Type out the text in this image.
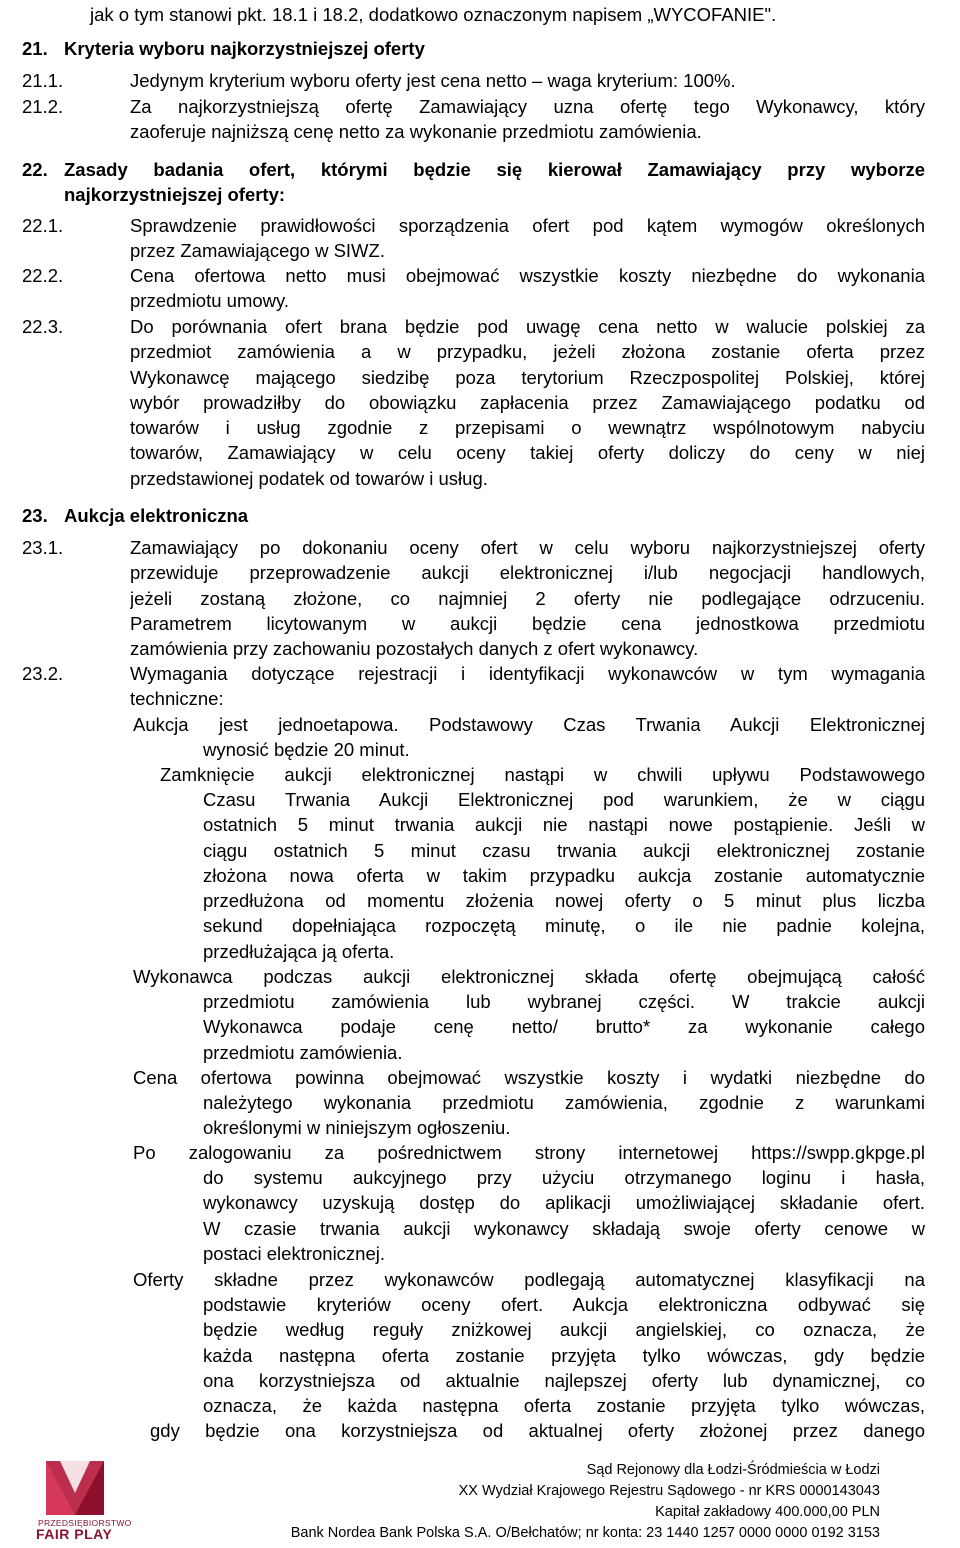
jak o tym stanowi pkt. 18.1 i 18.2, dodatkowo oznaczonym napisem „WYCOFANIE".
21. Kryteria wyboru najkorzystniejszej oferty
21.1.	Jedynym kryterium wyboru oferty jest cena netto – waga kryterium: 100%.
21.2.	Za najkorzystniejszą ofertę Zamawiający uzna ofertę tego Wykonawcy, który
zaoferuje najniższą cenę netto za wykonanie przedmiotu zamówienia.
22. Zasady badania ofert, którymi będzie się kierował Zamawiający przy wyborze
najkorzystniejszej oferty:
22.1.	Sprawdzenie prawidłowości sporządzenia ofert pod kątem wymogów określonych
przez Zamawiającego w SIWZ.
22.2.	Cena ofertowa netto musi obejmować wszystkie koszty niezbędne do wykonania
przedmiotu umowy.
22.3.	Do porównania ofert brana będzie pod uwagę cena netto w walucie polskiej za
przedmiot zamówienia a w przypadku, jeżeli złożona zostanie oferta przez
Wykonawcę mającego siedzibę poza terytorium Rzeczpospolitej Polskiej, której
wybór prowadziłby do obowiązku zapłacenia przez Zamawiającego podatku od
towarów i usług zgodnie z przepisami o wewnątrz wspólnotowym nabyciu
towarów, Zamawiający w celu oceny takiej oferty doliczy do ceny w niej
przedstawionej podatek od towarów i usług.
23. Aukcja elektroniczna
23.1.	Zamawiający po dokonaniu oceny ofert w celu wyboru najkorzystniejszej oferty
przewiduje przeprowadzenie aukcji elektronicznej i/lub negocjacji handlowych,
jeżeli zostaną złożone, co najmniej 2 oferty nie podlegające odrzuceniu.
Parametrem licytowanym w aukcji będzie cena jednostkowa przedmiotu
zamówienia przy zachowaniu pozostałych danych z ofert wykonawcy.
23.2.	Wymagania dotyczące rejestracji i identyfikacji wykonawców w tym wymagania
techniczne:
Aukcja jest jednoetapowa. Podstawowy Czas Trwania Aukcji Elektronicznej
wynosić będzie 20 minut.
Zamknięcie aukcji elektronicznej nastąpi w chwili upływu Podstawowego
Czasu Trwania Aukcji Elektronicznej pod warunkiem, że w ciągu
ostatnich 5 minut trwania aukcji nie nastąpi nowe postąpienie. Jeśli w
ciągu ostatnich 5 minut czasu trwania aukcji elektronicznej zostanie
złożona nowa oferta w takim przypadku aukcja zostanie automatycznie
przedłużona od momentu złożenia nowej oferty o 5 minut plus liczba
sekund dopełniająca rozpoczętą minutę, o ile nie padnie kolejna,
przedłużająca ją oferta.
Wykonawca podczas aukcji elektronicznej składa ofertę obejmującą całość
przedmiotu zamówienia lub wybranej części. W trakcie aukcji
Wykonawca podaje cenę netto/ brutto* za wykonanie całego
przedmiotu zamówienia.
Cena ofertowa powinna obejmować wszystkie koszty i wydatki niezbędne do
należytego wykonania przedmiotu zamówienia, zgodnie z warunkami
określonymi w niniejszym ogłoszeniu.
Po zalogowaniu za pośrednictwem strony internetowej https://swpp.gkpge.pl
do systemu aukcyjnego przy użyciu otrzymanego loginu i hasła,
wykonawcy uzyskują dostęp do aplikacji umożliwiającej składanie ofert.
W czasie trwania aukcji wykonawcy składają swoje oferty cenowe w
postaci elektronicznej.
Oferty składne przez wykonawców podlegają automatycznej klasyfikacji na
podstawie kryteriów oceny ofert. Aukcja elektroniczna odbywać się
będzie według reguły zniżkowej aukcji angielskiej, co oznacza, że
każda następna oferta zostanie przyjęta tylko wówczas, gdy będzie
ona korzystniejsza od aktualnie najlepszej oferty lub dynamicznej, co
oznacza, że każda następna oferta zostanie przyjęta tylko wówczas,
gdy będzie ona korzystniejsza od aktualnej oferty złożonej przez danego
PRZEDSIĘBIORSTWO
FAIR PLAY
Sąd Rejonowy dla Łodzi-Śródmieścia w Łodzi
XX Wydział Krajowego Rejestru Sądowego - nr KRS 0000143043
Kapitał zakładowy 400.000,00 PLN
Bank Nordea Bank Polska S.A. O/Bełchatów; nr konta: 23 1440 1257 0000 0000 0192 3153
